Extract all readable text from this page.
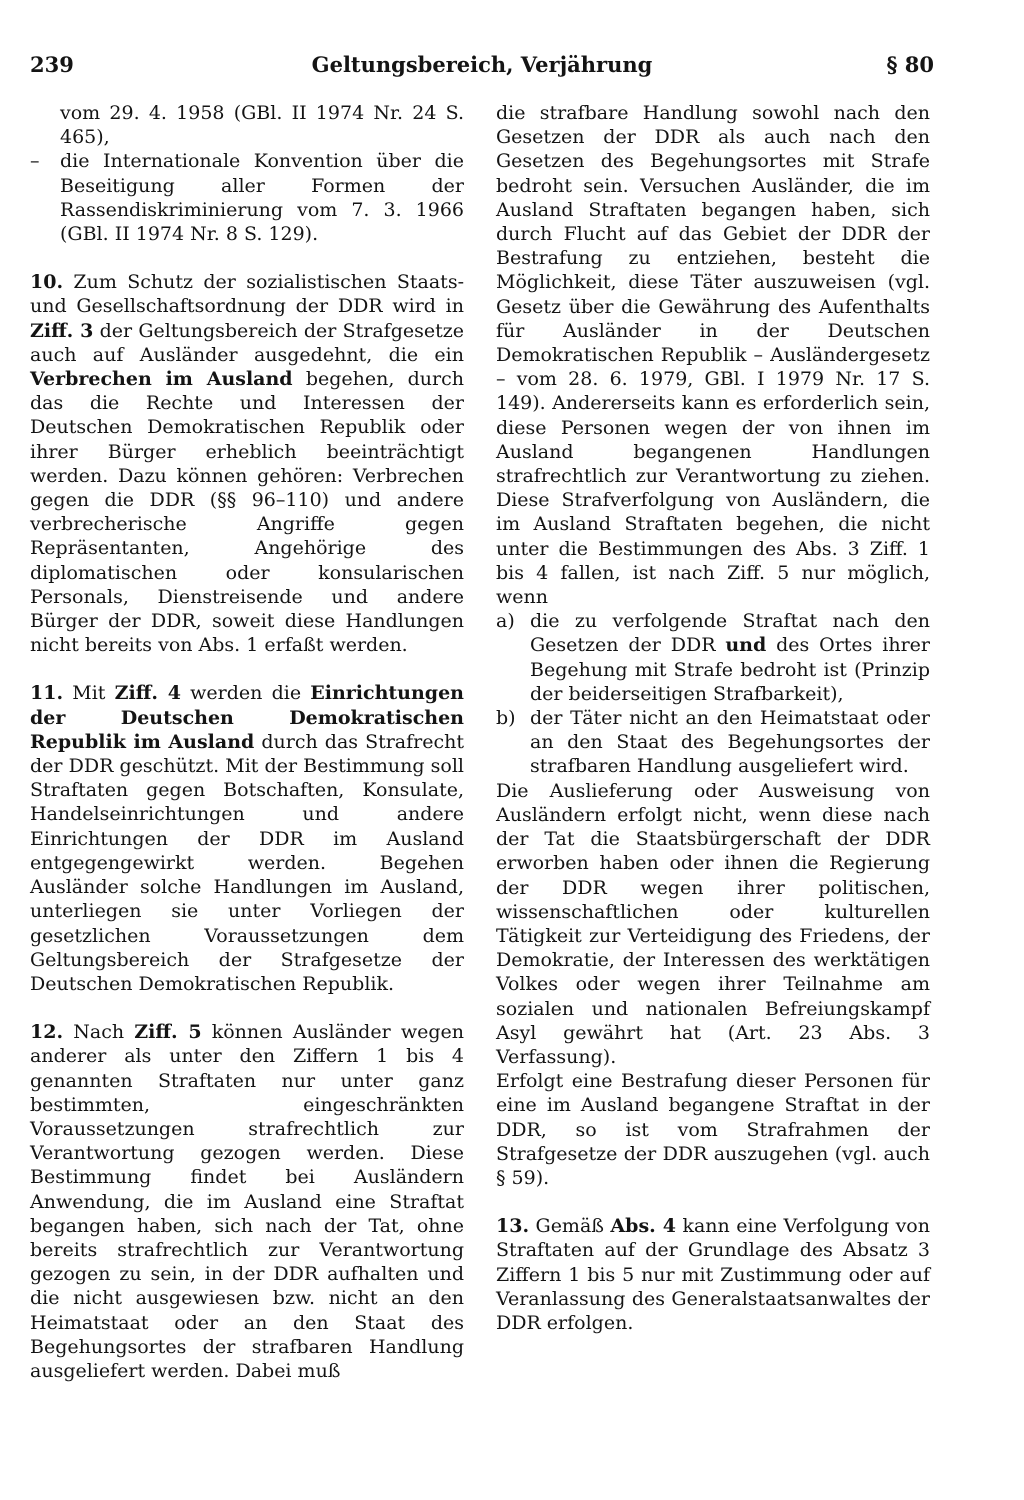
239	Geltungsbereich, Verjährung	§ 80

vom 29. 4. 1958 (GBl. II 1974 Nr. 24 S. 465),

– die Internationale Konvention über die Beseitigung aller Formen der Rassendiskriminierung vom 7. 3. 1966 (GBl. II 1974 Nr. 8 S. 129).

10. Zum Schutz der sozialistischen Staats- und Gesellschaftsordnung der DDR wird in Ziff. 3 der Geltungsbereich der Strafgesetze auch auf Ausländer ausgedehnt, die ein Verbrechen im Ausland begehen, durch das die Rechte und Interessen der Deutschen Demokratischen Republik oder ihrer Bürger erheblich beeinträchtigt werden. Dazu können gehören: Verbrechen gegen die DDR (§§ 96–110) und andere verbrecherische Angriffe gegen Repräsentanten, Angehörige des diplomatischen oder konsularischen Personals, Dienstreisende und andere Bürger der DDR, soweit diese Handlungen nicht bereits von Abs. 1 erfaßt werden.

11. Mit Ziff. 4 werden die Einrichtungen der Deutschen Demokratischen Republik im Ausland durch das Strafrecht der DDR geschützt. Mit der Bestimmung soll Straftaten gegen Botschaften, Konsulate, Handelseinrichtungen und andere Einrichtungen der DDR im Ausland entgegengewirkt werden. Begehen Ausländer solche Handlungen im Ausland, unterliegen sie unter Vorliegen der gesetzlichen Voraussetzungen dem Geltungsbereich der Strafgesetze der Deutschen Demokratischen Republik.

12. Nach Ziff. 5 können Ausländer wegen anderer als unter den Ziffern 1 bis 4 genannten Straftaten nur unter ganz bestimmten, eingeschränkten Voraussetzungen strafrechtlich zur Verantwortung gezogen werden. Diese Bestimmung findet bei Ausländern Anwendung, die im Ausland eine Straftat begangen haben, sich nach der Tat, ohne bereits strafrechtlich zur Verantwortung gezogen zu sein, in der DDR aufhalten und die nicht ausgewiesen bzw. nicht an den Heimatstaat oder an den Staat des Begehungsortes der strafbaren Handlung ausgeliefert werden. Dabei muß

die strafbare Handlung sowohl nach den Gesetzen der DDR als auch nach den Gesetzen des Begehungsortes mit Strafe bedroht sein. Versuchen Ausländer, die im Ausland Straftaten begangen haben, sich durch Flucht auf das Gebiet der DDR der Bestrafung zu entziehen, besteht die Möglichkeit, diese Täter auszuweisen (vgl. Gesetz über die Gewährung des Aufenthalts für Ausländer in der Deutschen Demokratischen Republik – Ausländergesetz – vom 28. 6. 1979, GBl. I 1979 Nr. 17 S. 149). Andererseits kann es erforderlich sein, diese Personen wegen der von ihnen im Ausland begangenen Handlungen strafrechtlich zur Verantwortung zu ziehen. Diese Strafverfolgung von Ausländern, die im Ausland Straftaten begehen, die nicht unter die Bestimmungen des Abs. 3 Ziff. 1 bis 4 fallen, ist nach Ziff. 5 nur möglich, wenn

a) die zu verfolgende Straftat nach den Gesetzen der DDR und des Ortes ihrer Begehung mit Strafe bedroht ist (Prinzip der beiderseitigen Strafbarkeit),

b) der Täter nicht an den Heimatstaat oder an den Staat des Begehungsortes der strafbaren Handlung ausgeliefert wird.

Die Auslieferung oder Ausweisung von Ausländern erfolgt nicht, wenn diese nach der Tat die Staatsbürgerschaft der DDR erworben haben oder ihnen die Regierung der DDR wegen ihrer politischen, wissenschaftlichen oder kulturellen Tätigkeit zur Verteidigung des Friedens, der Demokratie, der Interessen des werktätigen Volkes oder wegen ihrer Teilnahme am sozialen und nationalen Befreiungskampf Asyl gewährt hat (Art. 23 Abs. 3 Verfassung).

Erfolgt eine Bestrafung dieser Personen für eine im Ausland begangene Straftat in der DDR, so ist vom Strafrahmen der Strafgesetze der DDR auszugehen (vgl. auch § 59).

13. Gemäß Abs. 4 kann eine Verfolgung von Straftaten auf der Grundlage des Absatz 3 Ziffern 1 bis 5 nur mit Zustimmung oder auf Veranlassung des Generalstaatsanwaltes der DDR erfolgen.
